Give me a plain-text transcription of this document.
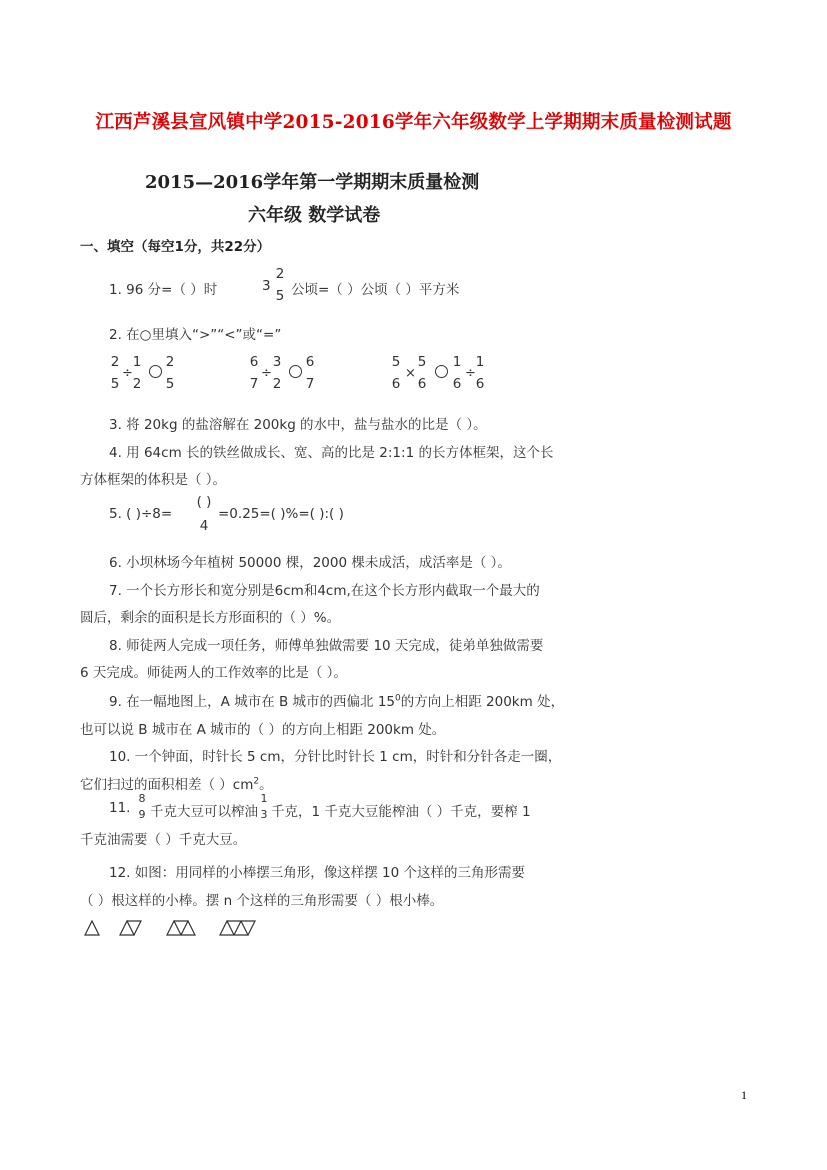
江西芦溪县宣风镇中学2015-2016学年六年级数学上学期期末质量检测试题
2015—2016学年第一学期期末质量检测
六年级 数学试卷
一、填空（每空1分，共22分）
1. 96 分=（ ）时	3
2
5 公顷=（ ）公顷（ ）平方米
2. 在○里填入“>”“<”或“=”
2
5
÷
1
2
2
5
6
7
÷
3
2
6
7
5
6
×
5
6
1
6
÷
1
6
3. 将 20kg 的盐溶解在 200kg 的水中，盐与盐水的比是（ ）。
4. 用 64cm 长的铁丝做成长、宽、高的比是 2:1:1 的长方体框架，这个长
方体框架的体积是（ ）。
5. ( )÷8=
( )
4
=0.25=( )%=( ):( )
6. 小坝林场今年植树 50000 棵，2000 棵未成活，成活率是（ ）。
7. 一个长方形长和宽分别是6cm和4cm,在这个长方形内截取一个最大的
圆后，剩余的面积是长方形面积的（ ）%。
8. 师徒两人完成一项任务，师傅单独做需要 10 天完成，徒弟单独做需要
6 天完成。师徒两人的工作效率的比是（ ）。
9. 在一幅地图上，A 城市在 B 城市的西偏北 $15^0$的方向上相距 200km 处，
也可以说 B 城市在 A 城市的（ ）的方向上相距 200km 处。
10. 一个钟面，时针长 5 cm，分针比时针长 1 cm，时针和分针各走一圈，
它们扫过的面积相差（ ）$cm^2$。
11.
8
9 千克大豆可以榨油
1
3 千克，1 千克大豆能榨油（ ）千克，要榨 1
千克油需要（ ）千克大豆。
12. 如图：用同样的小棒摆三角形，像这样摆 10 个这样的三角形需要
（ ）根这样的小棒。摆 n 个这样的三角形需要（ ）根小棒。
1
